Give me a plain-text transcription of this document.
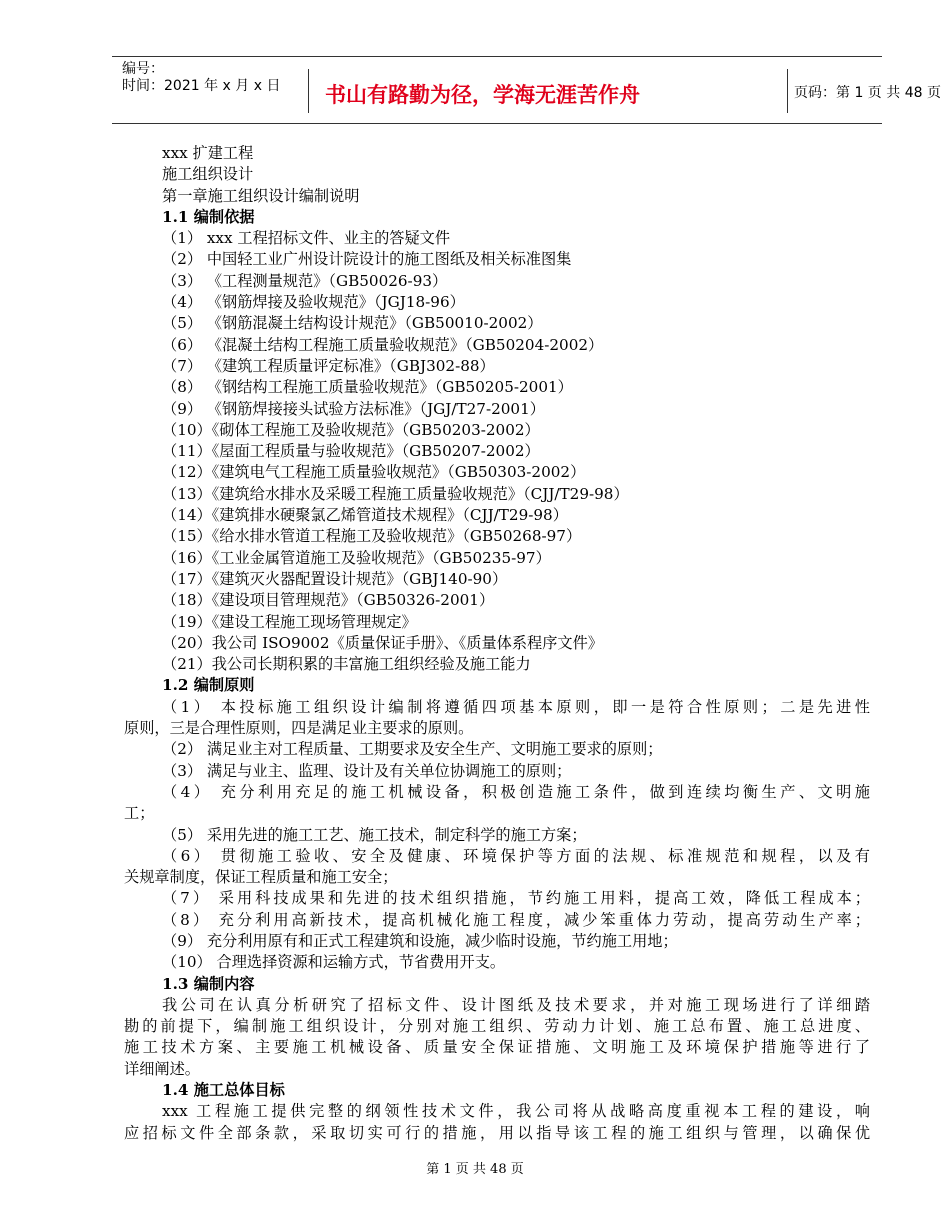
编号：
时间：2021 年 x 月 x 日 书山有路勤为径，学海无涯苦作舟	页码：第 1 页 共 48 页
xxx 扩建工程
施工组织设计
第一章施工组织设计编制说明
1.1 编制依据
（1） xxx 工程招标文件、业主的答疑文件
（2） 中国轻工业广州设计院设计的施工图纸及相关标准图集
（3） 《工程测量规范》（GB50026-93）
（4） 《钢筋焊接及验收规范》（JGJ18-96）
（5） 《钢筋混凝土结构设计规范》（GB50010-2002）
（6） 《混凝土结构工程施工质量验收规范》（GB50204-2002）
（7） 《建筑工程质量评定标准》（GBJ302-88）
（8） 《钢结构工程施工质量验收规范》（GB50205-2001）
（9） 《钢筋焊接接头试验方法标准》（JGJ/T27-2001）
（10）《砌体工程施工及验收规范》（GB50203-2002）
（11）《屋面工程质量与验收规范》（GB50207-2002）
（12）《建筑电气工程施工质量验收规范》（GB50303-2002）
（13）《建筑给水排水及采暖工程施工质量验收规范》（CJJ/T29-98）
（14）《建筑排水硬聚氯乙烯管道技术规程》（CJJ/T29-98）
（15）《给水排水管道工程施工及验收规范》（GB50268-97）
（16）《工业金属管道施工及验收规范》（GB50235-97）
（17）《建筑灭火器配置设计规范》（GBJ140-90）
（18）《建设项目管理规范》（GB50326-2001）
（19）《建设工程施工现场管理规定》
（20）我公司 ISO9002《质量保证手册》、《质量体系程序文件》
（21）我公司长期积累的丰富施工组织经验及施工能力
1.2 编制原则
（1） 本投标施工组织设计编制将遵循四项基本原则，即一是符合性原则；二是先进性
原则，三是合理性原则，四是满足业主要求的原则。
（2） 满足业主对工程质量、工期要求及安全生产、文明施工要求的原则；
（3） 满足与业主、监理、设计及有关单位协调施工的原则；
（4） 充分利用充足的施工机械设备，积极创造施工条件，做到连续均衡生产、文明施
工；
（5） 采用先进的施工工艺、施工技术，制定科学的施工方案；
（6） 贯彻施工验收、安全及健康、环境保护等方面的法规、标准规范和规程，以及有
关规章制度，保证工程质量和施工安全；
（7） 采用科技成果和先进的技术组织措施，节约施工用料，提高工效，降低工程成本；
（8） 充分利用高新技术，提高机械化施工程度，减少笨重体力劳动，提高劳动生产率；
（9） 充分利用原有和正式工程建筑和设施，减少临时设施，节约施工用地；
（10） 合理选择资源和运输方式，节省费用开支。
1.3 编制内容
我公司在认真分析研究了招标文件、设计图纸及技术要求，并对施工现场进行了详细踏
勘的前提下，编制施工组织设计，分别对施工组织、劳动力计划、施工总布置、施工总进度、
施工技术方案、主要施工机械设备、质量安全保证措施、文明施工及环境保护措施等进行了
详细阐述。
1.4 施工总体目标
xxx 工程施工提供完整的纲领性技术文件，我公司将从战略高度重视本工程的建设，响
应招标文件全部条款，采取切实可行的措施，用以指导该工程的施工组织与管理，以确保优
第 1 页 共 48 页
